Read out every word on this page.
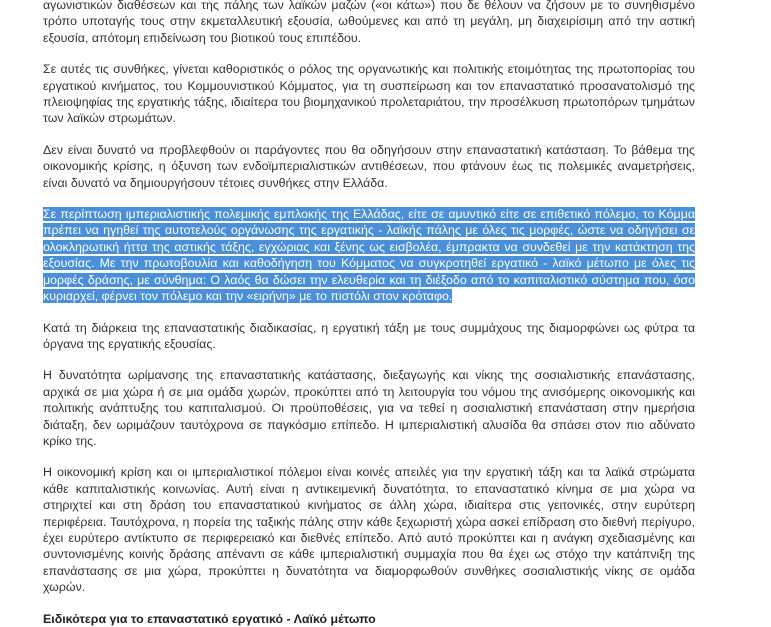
αγωνιστικών διαθέσεων και της πάλης των λαϊκών μαζών («οι κάτω») που δε θέλουν να ζήσουν με το συνηθισμένο τρόπο υποταγής τους στην εκμεταλλευτική εξουσία, ωθούμενες και από τη μεγάλη, μη διαχειρίσιμη από την αστική εξουσία, απότομη επιδείνωση του βιοτικού τους επιπέδου.

Σε αυτές τις συνθήκες, γίνεται καθοριστικός ο ρόλος της οργανωτικής και πολιτικής ετοιμότητας της πρωτοπορίας του εργατικού κινήματος, του Κομμουνιστικού Κόμματος, για τη συσπείρωση και τον επαναστατικό προσανατολισμό της πλειοψηφίας της εργατικής τάξης, ιδιαίτερα του βιομηχανικού προλεταριάτου, την προσέλκυση πρωτοπόρων τμημάτων των λαϊκών στρωμάτων.

Δεν είναι δυνατό να προβλεφθούν οι παράγοντες που θα οδηγήσουν στην επαναστατική κατάσταση. Το βάθεμα της οικονομικής κρίσης, η όξυνση των ενδοϊμπεριαλιστικών αντιθέσεων, που φτάνουν έως τις πολεμικές αναμετρήσεις, είναι δυνατό να δημιουργήσουν τέτοιες συνθήκες στην Ελλάδα.

Σε περίπτωση ιμπεριαλιστικής πολεμικής εμπλοκής της Ελλάδας, είτε σε αμυντικό είτε σε επιθετικό πόλεμο, το Κόμμα πρέπει να ηγηθεί της αυτοτελούς οργάνωσης της εργατικής - λαϊκής πάλης με όλες τις μορφές, ώστε να οδηγήσει σε ολοκληρωτική ήττα της αστικής τάξης, εγχώριας και ξένης ως εισβολέα, έμπρακτα να συνδεθεί με την κατάκτηση της εξουσίας. Με την πρωτοβουλία και καθοδήγηση του Κόμματος να συγκροτηθεί εργατικό - λαϊκό μέτωπο με όλες τις μορφές δράσης, με σύνθημα: Ο λαός θα δώσει την ελευθερία και τη διέξοδο από το καπιταλιστικό σύστημα που, όσο κυριαρχεί, φέρνει τον πόλεμο και την «ειρήνη» με το πιστόλι στον κρόταφο.

Κατά τη διάρκεια της επαναστατικής διαδικασίας, η εργατική τάξη με τους συμμάχους της διαμορφώνει ως φύτρα τα όργανα της εργατικής εξουσίας.

Η δυνατότητα ωρίμανσης της επαναστατικής κατάστασης, διεξαγωγής και νίκης της σοσιαλιστικής επανάστασης, αρχικά σε μια χώρα ή σε μια ομάδα χωρών, προκύπτει από τη λειτουργία του νόμου της ανισόμερης οικονομικής και πολιτικής ανάπτυξης του καπιταλισμού. Οι προϋποθέσεις, για να τεθεί η σοσιαλιστική επανάσταση στην ημερήσια διάταξη, δεν ωριμάζουν ταυτόχρονα σε παγκόσμιο επίπεδο. Η ιμπεριαλιστική αλυσίδα θα σπάσει στον πιο αδύνατο κρίκο της.

Η οικονομική κρίση και οι ιμπεριαλιστικοί πόλεμοι είναι κοινές απειλές για την εργατική τάξη και τα λαϊκά στρώματα κάθε καπιταλιστικής κοινωνίας. Αυτή είναι η αντικειμενική δυνατότητα, το επαναστατικό κίνημα σε μια χώρα να στηριχτεί και στη δράση του επαναστατικού κινήματος σε άλλη χώρα, ιδιαίτερα στις γειτονικές, στην ευρύτερη περιφέρεια. Ταυτόχρονα, η πορεία της ταξικής πάλης στην κάθε ξεχωριστή χώρα ασκεί επίδραση στο διεθνή περίγυρο, έχει ευρύτερο αντίκτυπο σε περιφερειακό και διεθνές επίπεδο. Από αυτό προκύπτει και η ανάγκη σχεδιασμένης και συντονισμένης κοινής δράσης απέναντι σε κάθε ιμπεριαλιστική συμμαχία που θα έχει ως στόχο την κατάπνιξη της επανάστασης σε μια χώρα, προκύπτει η δυνατότητα να διαμορφωθούν συνθήκες σοσιαλιστικής νίκης σε ομάδα χωρών.

Ειδικότερα για το επαναστατικό εργατικό - Λαϊκό μέτωπο
